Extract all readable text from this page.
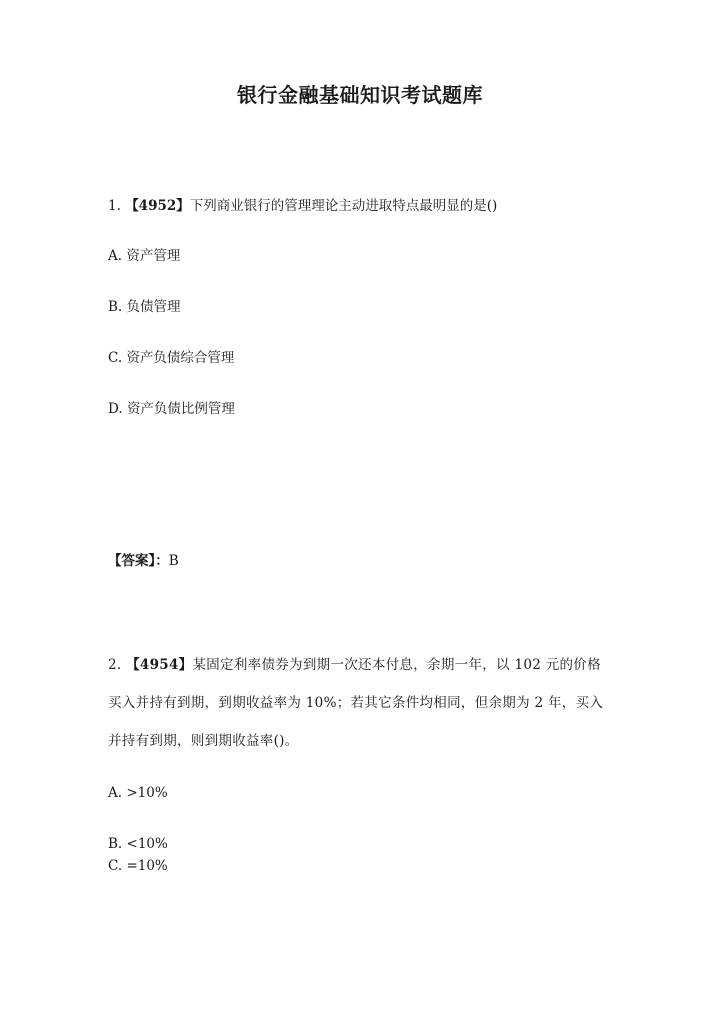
银行金融基础知识考试题库
1. 【4952】下列商业银行的管理理论主动进取特点最明显的是()
A. 资产管理
B. 负债管理
C. 资产负债综合管理
D. 资产负债比例管理
【答案】：B
2. 【4954】某固定利率债券为到期一次还本付息，余期一年，以 102 元的价格买入并持有到期，到期收益率为 10%；若其它条件均相同，但余期为 2 年，买入并持有到期，则到期收益率()。
A. >10%
B. <10%
C. =10%
